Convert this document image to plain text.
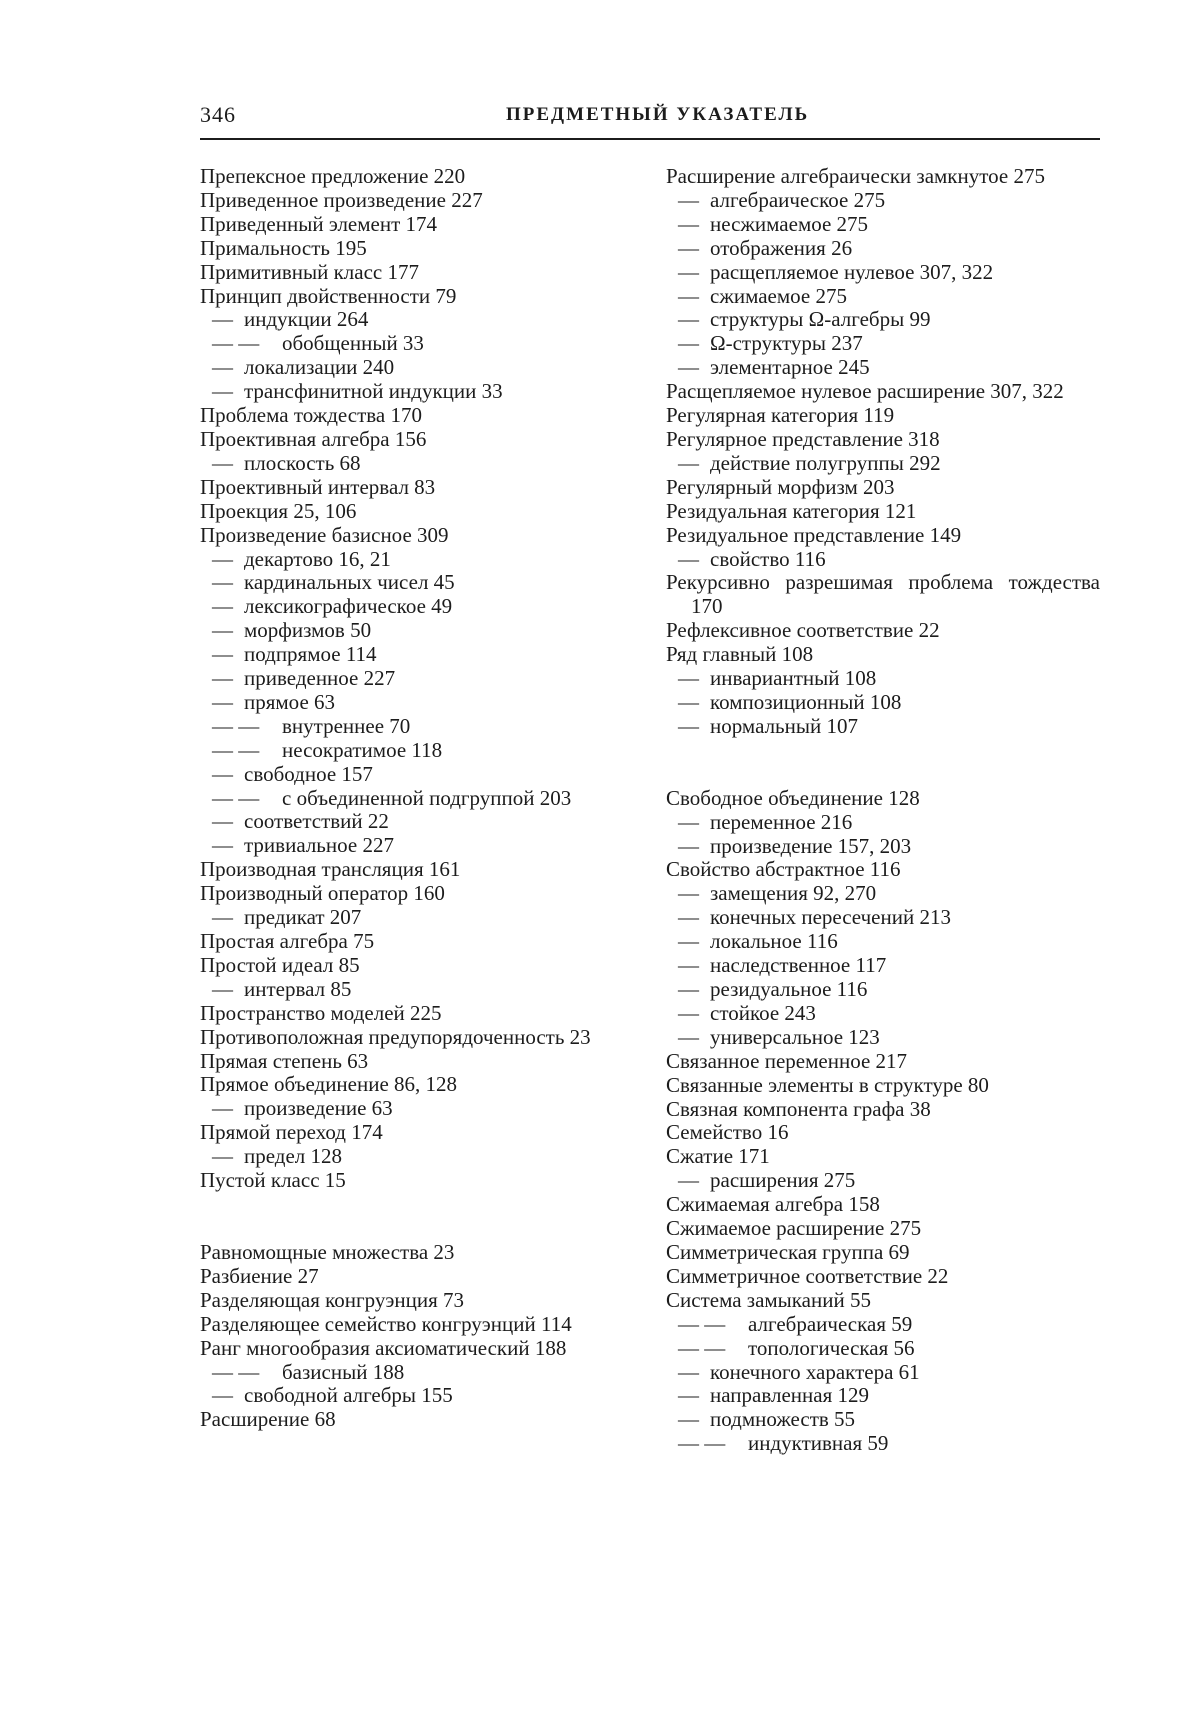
346	ПРЕДМЕТНЫЙ УКАЗАТЕЛЬ
Препексное предложение 220
Приведенное произведение 227
Приведенный элемент 174
Примальность 195
Примитивный класс 177
Принцип двойственности 79
— индукции 264
— — обобщенный 33
— локализации 240
— трансфинитной индукции 33
Проблема тождества 170
Проективная алгебра 156
— плоскость 68
Проективный интервал 83
Проекция 25, 106
Произведение базисное 309
— декартово 16, 21
— кардинальных чисел 45
— лексикографическое 49
— морфизмов 50
— подпрямое 114
— приведенное 227
— прямое 63
— — внутреннее 70
— — несократимое 118
— свободное 157
— — с объединенной подгруппой 203
— соответствий 22
— тривиальное 227
Производная трансляция 161
Производный оператор 160
— предикат 207
Простая алгебра 75
Простой идеал 85
— интервал 85
Пространство моделей 225
Противоположная предупорядоченность 23
Прямая степень 63
Прямое объединение 86, 128
— произведение 63
Прямой переход 174
— предел 128
Пустой класс 15
Равномощные множества 23
Разбиение 27
Разделяющая конгруэнция 73
Разделяющее семейство конгруэнций 114
Ранг многообразия аксиоматический 188
— — базисный 188
— свободной алгебры 155
Расширение 68
Расширение алгебраически замкнутое 275
— алгебраическое 275
— несжимаемое 275
— отображения 26
— расщепляемое нулевое 307, 322
— сжимаемое 275
— структуры Ω-алгебры 99
— Ω-структуры 237
— элементарное 245
Расщепляемое нулевое расширение 307, 322
Регулярная категория 119
Регулярное представление 318
— действие полугруппы 292
Регулярный морфизм 203
Резидуальная категория 121
Резидуальное представление 149
— свойство 116
Рекурсивно разрешимая проблема тождества 170
Рефлексивное соответствие 22
Ряд главный 108
— инвариантный 108
— композиционный 108
— нормальный 107
Свободное объединение 128
— переменное 216
— произведение 157, 203
Свойство абстрактное 116
— замещения 92, 270
— конечных пересечений 213
— локальное 116
— наследственное 117
— резидуальное 116
— стойкое 243
— универсальное 123
Связанное переменное 217
Связанные элементы в структуре 80
Связная компонента графа 38
Семейство 16
Сжатие 171
— расширения 275
Сжимаемая алгебра 158
Сжимаемое расширение 275
Симметрическая группа 69
Симметричное соответствие 22
Система замыканий 55
— — алгебраическая 59
— — топологическая 56
— конечного характера 61
— направленная 129
— подмножеств 55
— — индуктивная 59
